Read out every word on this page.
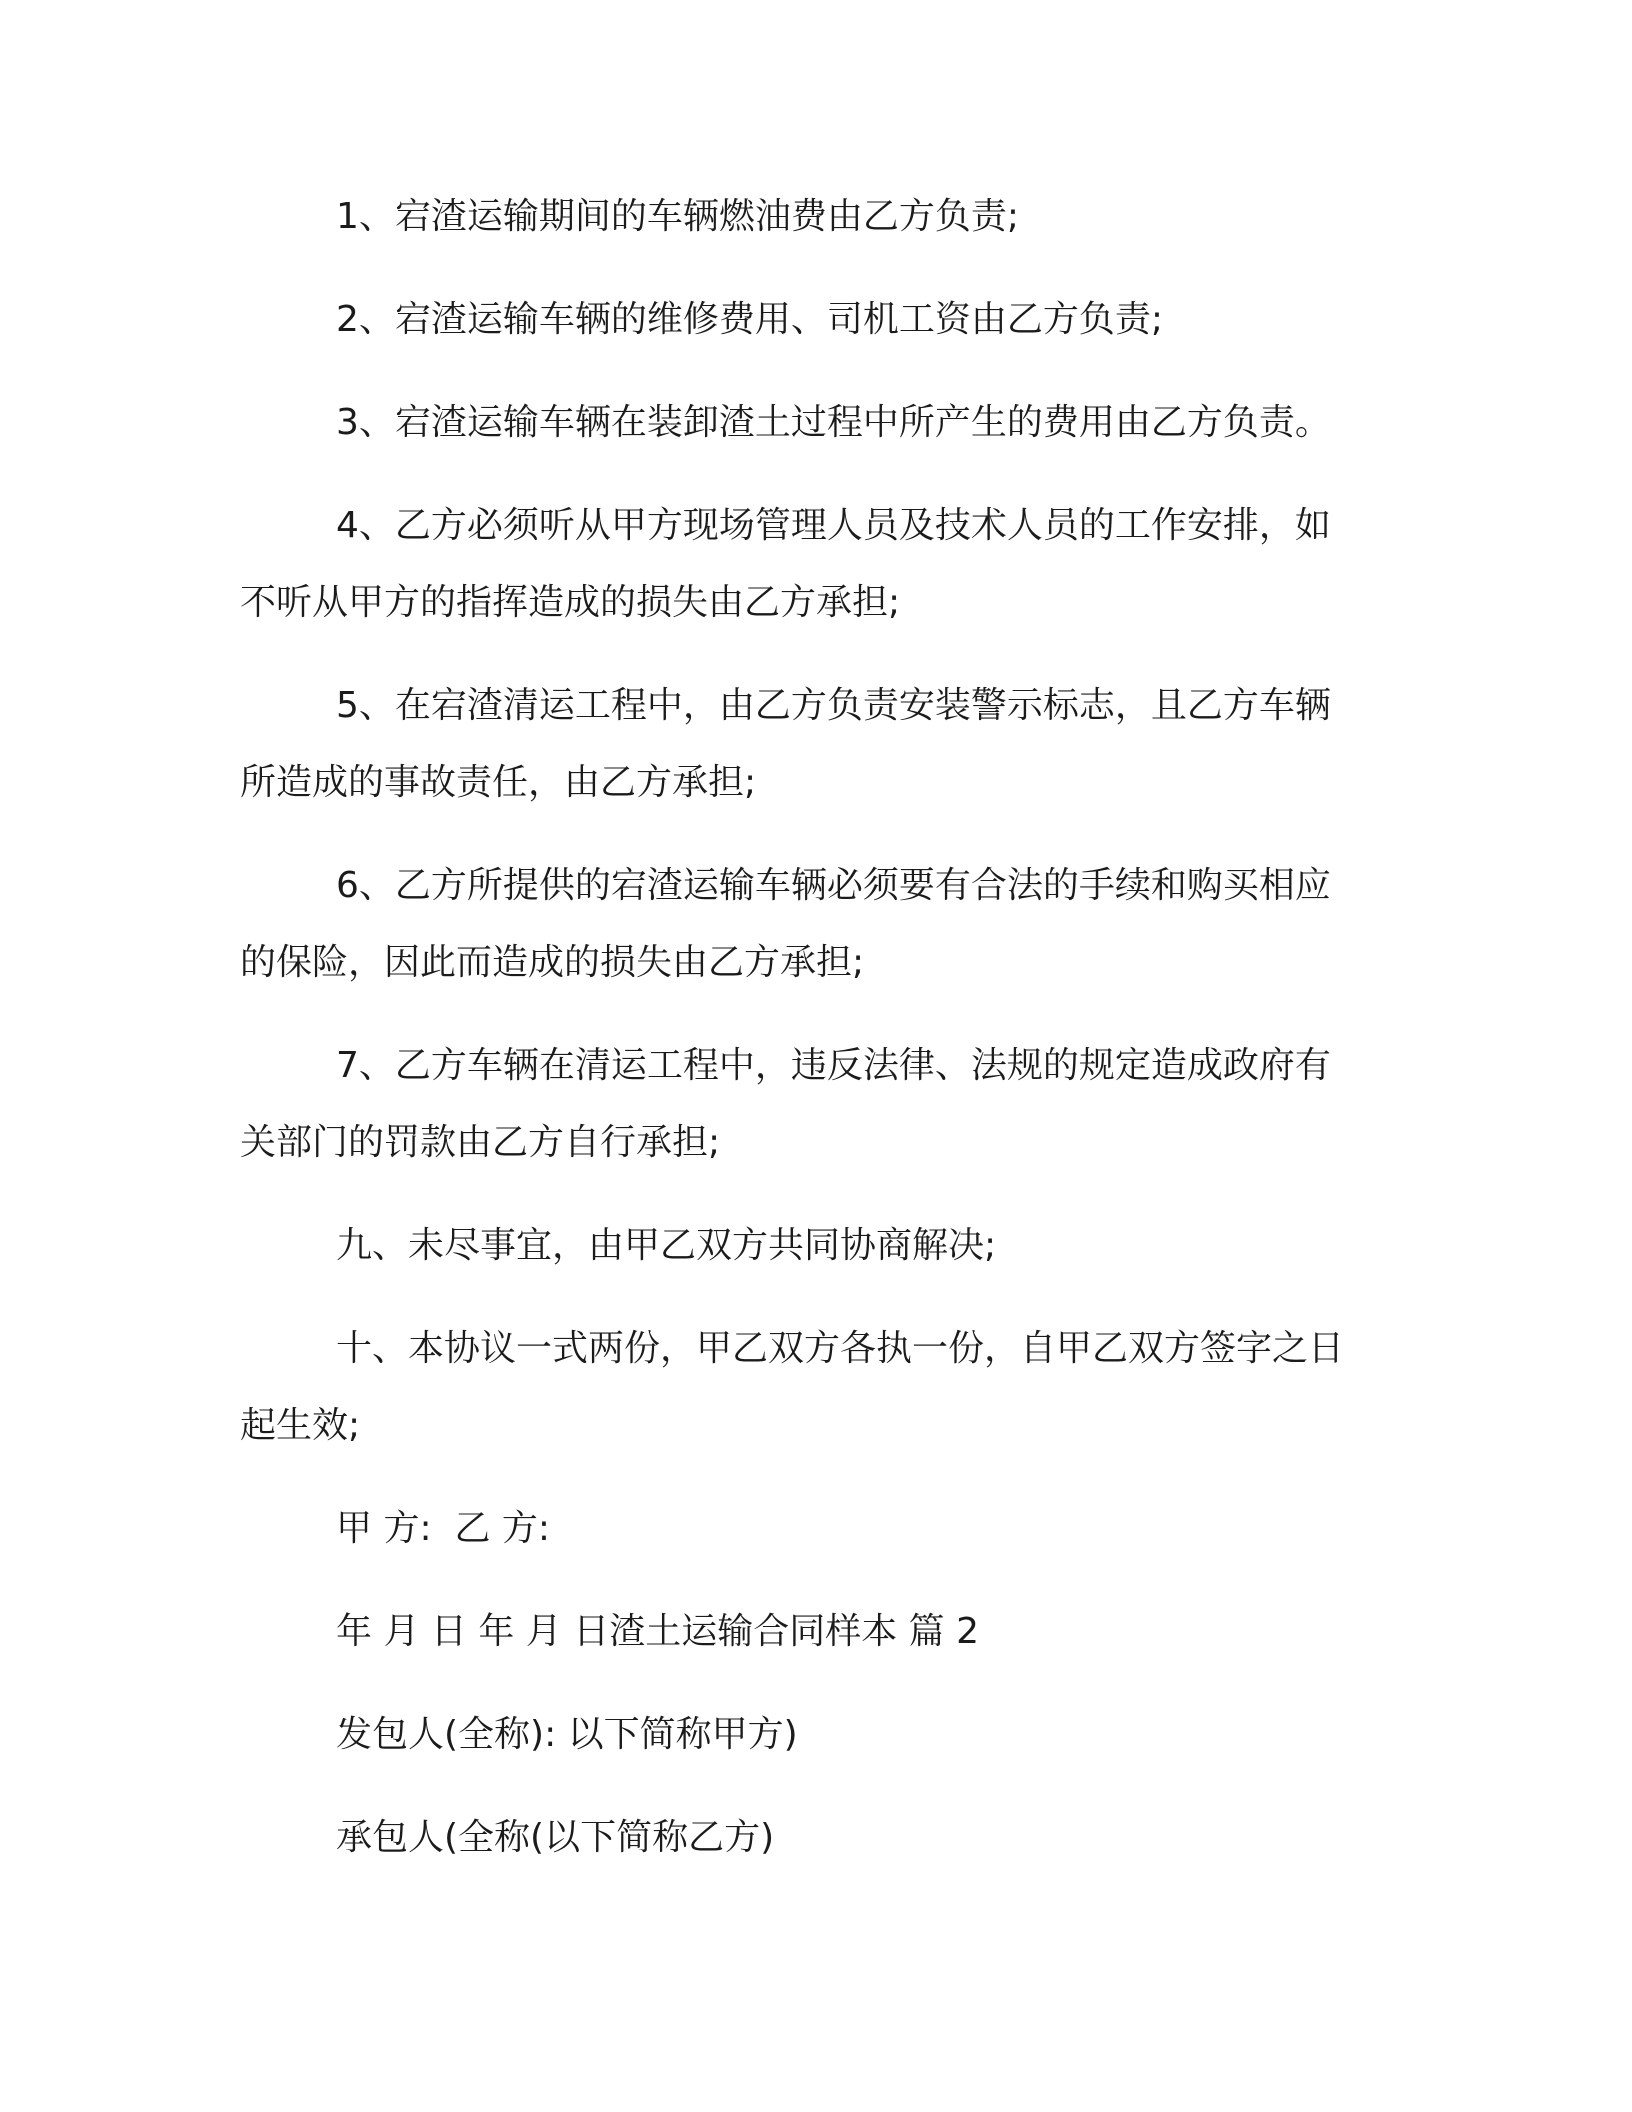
1、宕渣运输期间的车辆燃油费由乙方负责;
2、宕渣运输车辆的维修费用、司机工资由乙方负责;
3、宕渣运输车辆在装卸渣土过程中所产生的费用由乙方负责。
4、乙方必须听从甲方现场管理人员及技术人员的工作安排，如
不听从甲方的指挥造成的损失由乙方承担;
5、在宕渣清运工程中，由乙方负责安装警示标志，且乙方车辆
所造成的事故责任，由乙方承担;
6、乙方所提供的宕渣运输车辆必须要有合法的手续和购买相应
的保险，因此而造成的损失由乙方承担;
7、乙方车辆在清运工程中，违反法律、法规的规定造成政府有
关部门的罚款由乙方自行承担;
九、未尽事宜，由甲乙双方共同协商解决;
十、本协议一式两份，甲乙双方各执一份，自甲乙双方签字之日
起生效;
甲 方:  乙 方:
年 月 日 年 月 日渣土运输合同样本 篇 2
发包人(全称): 以下简称甲方)
承包人(全称(以下简称乙方)
